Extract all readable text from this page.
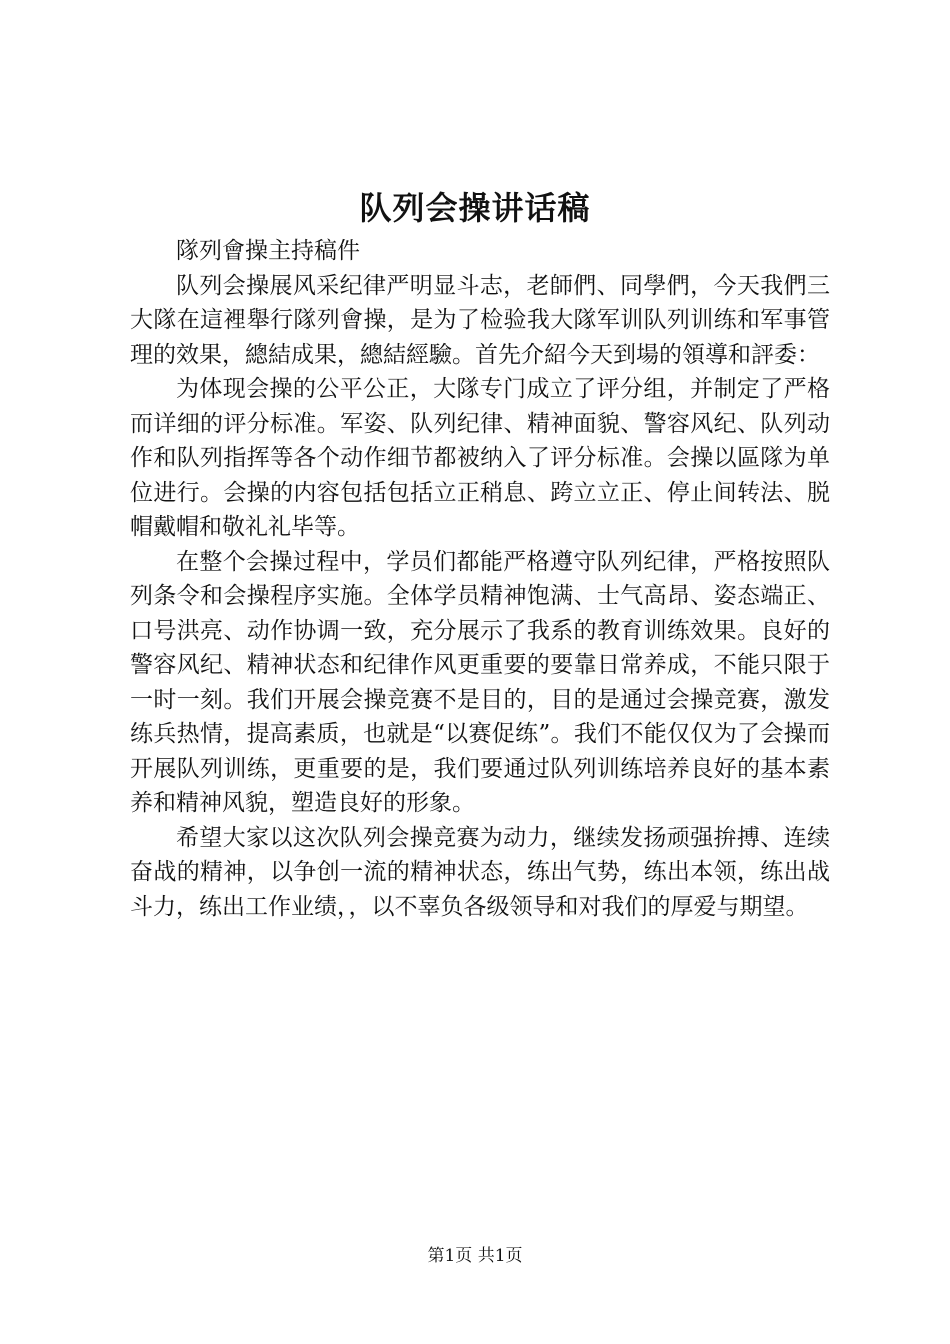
队列会操讲话稿

隊列會操主持稿件

队列会操展风采纪律严明显斗志，老師們、同學們，今天我們三大隊在這裡舉行隊列會操，是为了检验我大隊军训队列训练和军事管理的效果，總結成果，總結經驗。首先介紹今天到場的領導和評委：

为体现会操的公平公正，大隊专门成立了评分组，并制定了严格而详细的评分标准。军姿、队列纪律、精神面貌、警容风纪、队列动作和队列指挥等各个动作细节都被纳入了评分标准。会操以區隊为单位进行。会操的内容包括包括立正稍息、跨立立正、停止间转法、脱帽戴帽和敬礼礼毕等。

在整个会操过程中，学员们都能严格遵守队列纪律，严格按照队列条令和会操程序实施。全体学员精神饱满、士气高昂、姿态端正、口号洪亮、动作协调一致，充分展示了我系的教育训练效果。良好的警容风纪、精神状态和纪律作风更重要的要靠日常养成，不能只限于一时一刻。我们开展会操竞赛不是目的，目的是通过会操竞赛，激发练兵热情，提高素质，也就是“以赛促练”。我们不能仅仅为了会操而开展队列训练，更重要的是，我们要通过队列训练培养良好的基本素养和精神风貌，塑造良好的形象。

希望大家以这次队列会操竞赛为动力，继续发扬顽强拚搏、连续奋战的精神，以争创一流的精神状态，练出气势，练出本领，练出战斗力，练出工作业绩，，以不辜负各级领导和对我们的厚爱与期望。

第1页 共1页
